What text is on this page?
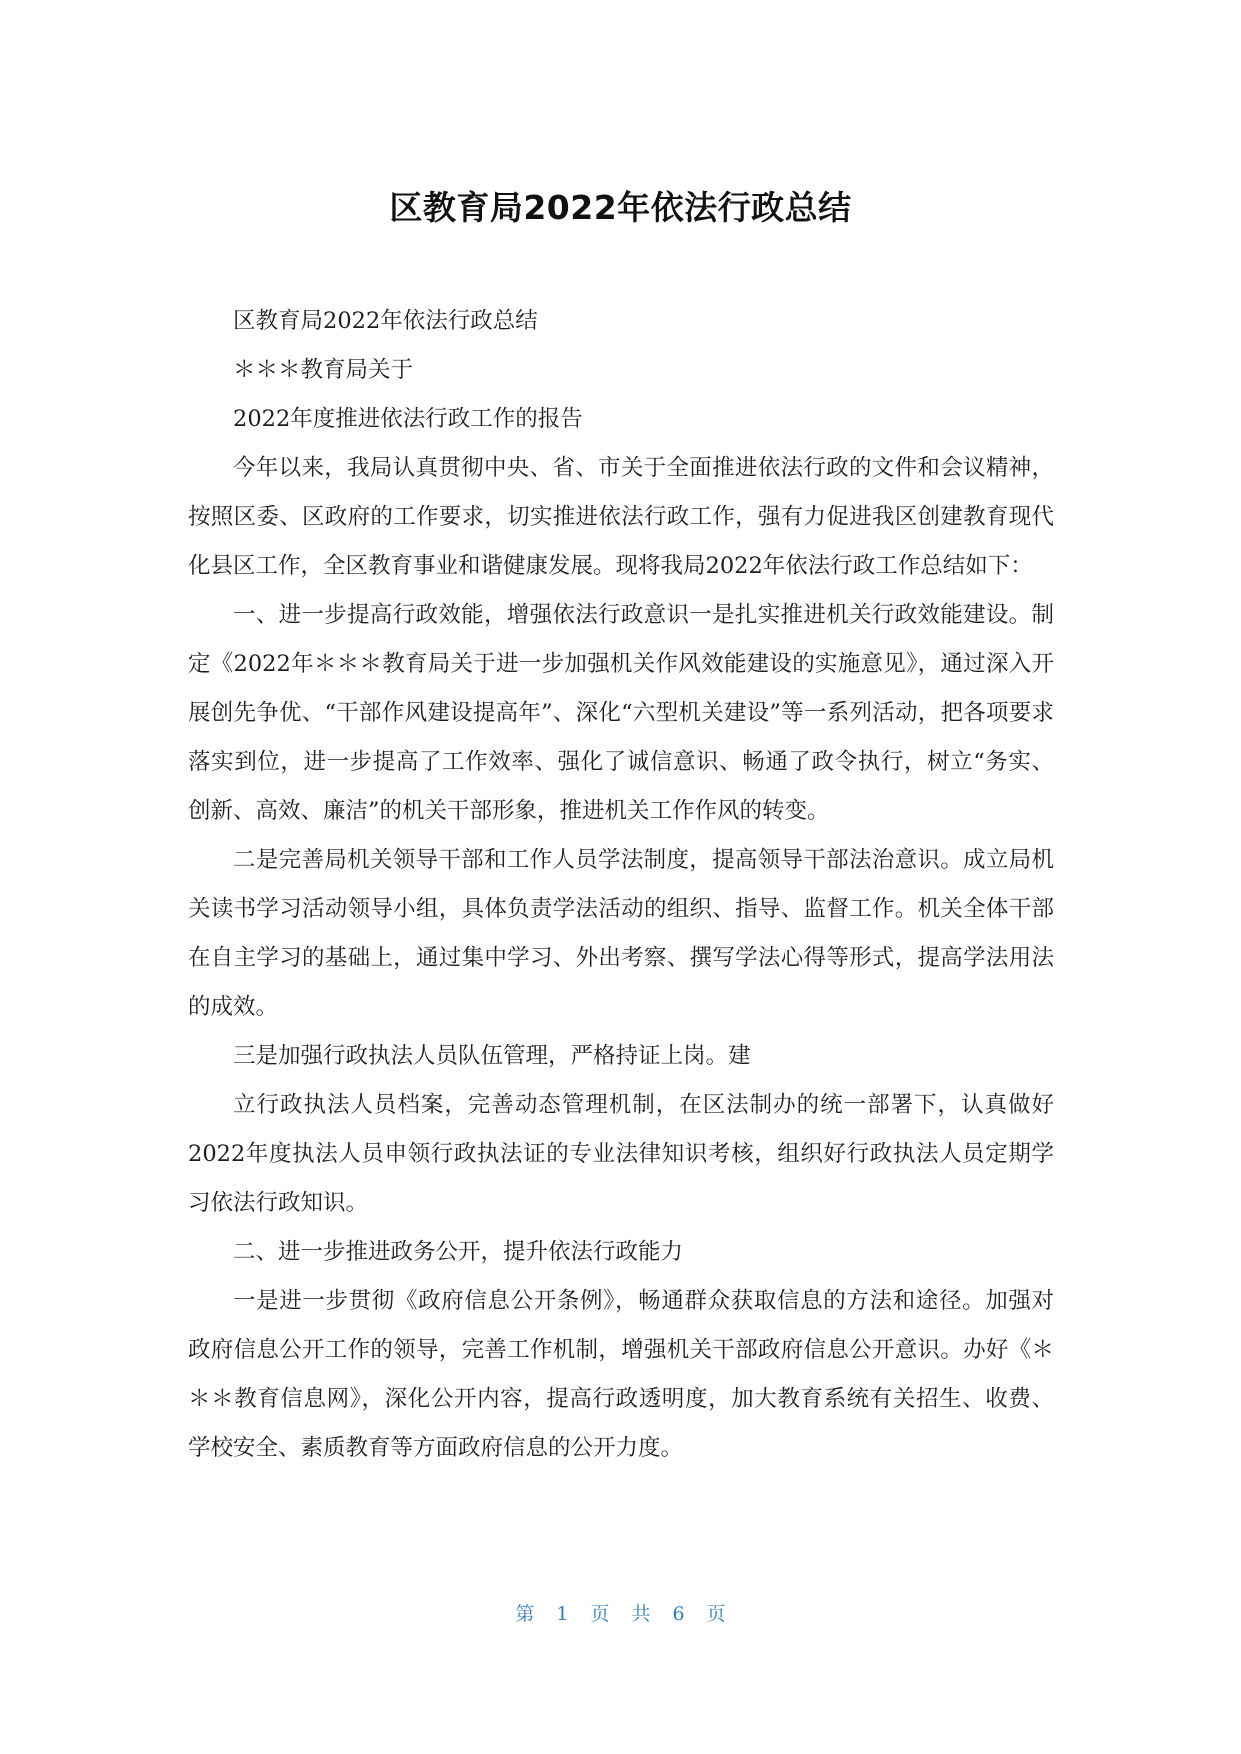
区教育局2022年依法行政总结

区教育局2022年依法行政总结

＊＊＊教育局关于

2022年度推进依法行政工作的报告

今年以来，我局认真贯彻中央、省、市关于全面推进依法行政的文件和会议精神，按照区委、区政府的工作要求，切实推进依法行政工作，强有力促进我区创建教育现代化县区工作，全区教育事业和谐健康发展。现将我局2022年依法行政工作总结如下：

一、进一步提高行政效能，增强依法行政意识一是扎实推进机关行政效能建设。制定《2022年＊＊＊教育局关于进一步加强机关作风效能建设的实施意见》，通过深入开展创先争优、“干部作风建设提高年”、深化“六型机关建设”等一系列活动，把各项要求落实到位，进一步提高了工作效率、强化了诚信意识、畅通了政令执行，树立“务实、创新、高效、廉洁”的机关干部形象，推进机关工作作风的转变。

二是完善局机关领导干部和工作人员学法制度，提高领导干部法治意识。成立局机关读书学习活动领导小组，具体负责学法活动的组织、指导、监督工作。机关全体干部在自主学习的基础上，通过集中学习、外出考察、撰写学法心得等形式，提高学法用法的成效。

三是加强行政执法人员队伍管理，严格持证上岗。建

立行政执法人员档案，完善动态管理机制，在区法制办的统一部署下，认真做好2022年度执法人员申领行政执法证的专业法律知识考核，组织好行政执法人员定期学习依法行政知识。

二、进一步推进政务公开，提升依法行政能力

一是进一步贯彻《政府信息公开条例》，畅通群众获取信息的方法和途径。加强对政府信息公开工作的领导，完善工作机制，增强机关干部政府信息公开意识。办好《＊＊＊教育信息网》，深化公开内容，提高行政透明度，加大教育系统有关招生、收费、学校安全、素质教育等方面政府信息的公开力度。

第 1 页 共 6 页
